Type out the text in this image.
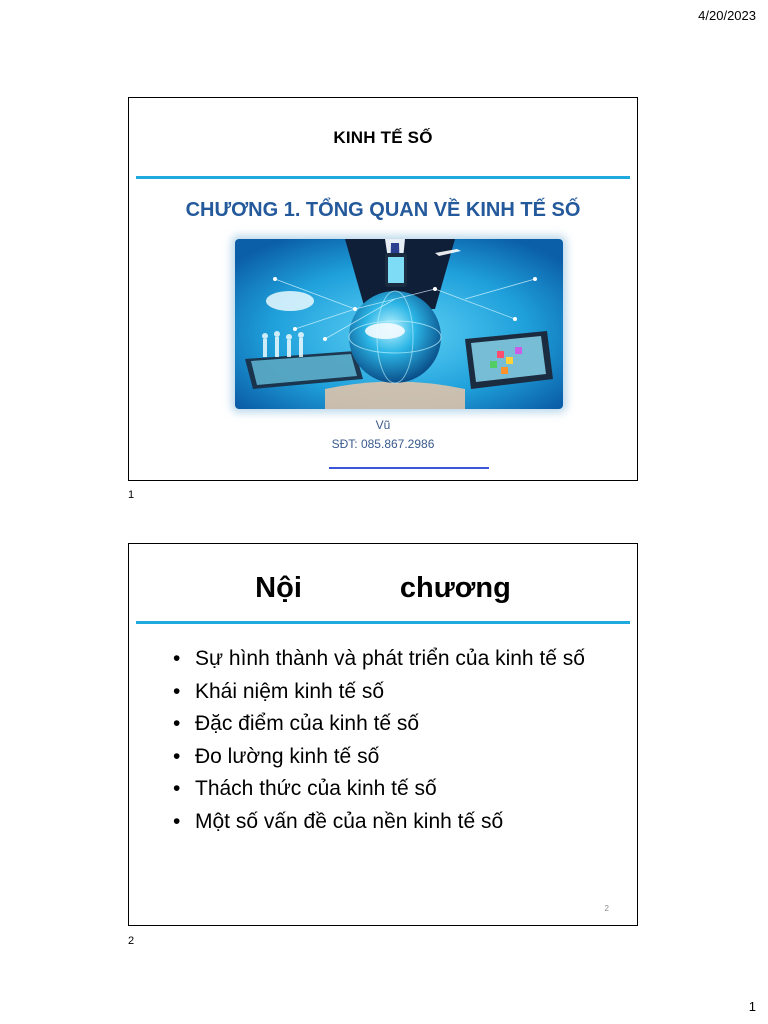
4/20/2023
KINH TẾ SỐ
CHƯƠNG 1. TỔNG QUAN VỀ KINH TẾ SỐ
Vũ
SĐT: 085.867.2986
1
Nội chương
• Sự hình thành và phát triển của kinh tế số
• Khái niệm kinh tế số
• Đặc điểm của kinh tế số
• Đo lường kinh tế số
• Thách thức của kinh tế số
• Một số vấn đề của nền kinh tế số
2
2
1
